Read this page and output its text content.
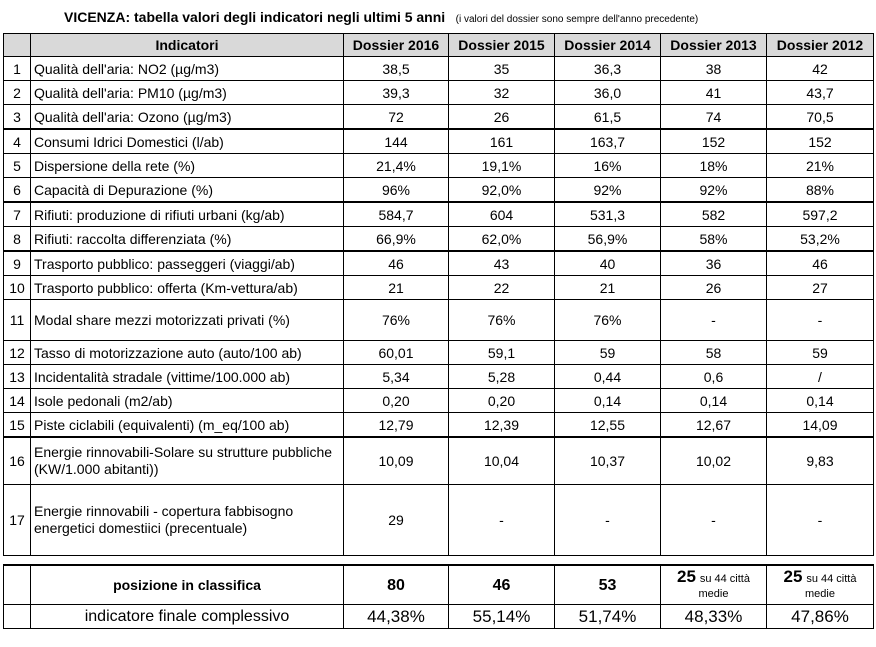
VICENZA: tabella valori degli indicatori negli ultimi 5 anni (i valori del dossier sono sempre dell'anno precedente)
	Indicatori	Dossier 2016	Dossier 2015	Dossier 2014	Dossier 2013	Dossier 2012
1	Qualità dell'aria: NO2 (µg/m3)	38,5	35	36,3	38	42
2	Qualità dell'aria: PM10 (µg/m3)	39,3	32	36,0	41	43,7
3	Qualità dell'aria: Ozono (µg/m3)	72	26	61,5	74	70,5
4	Consumi Idrici Domestici (l/ab)	144	161	163,7	152	152
5	Dispersione della rete (%)	21,4%	19,1%	16%	18%	21%
6	Capacità di Depurazione (%)	96%	92,0%	92%	92%	88%
7	Rifiuti: produzione di rifiuti urbani (kg/ab)	584,7	604	531,3	582	597,2
8	Rifiuti: raccolta differenziata (%)	66,9%	62,0%	56,9%	58%	53,2%
9	Trasporto pubblico: passeggeri (viaggi/ab)	46	43	40	36	46
10	Trasporto pubblico: offerta (Km-vettura/ab)	21	22	21	26	27
11	Modal share mezzi motorizzati privati (%)	76%	76%	76%	-	-
12	Tasso di motorizzazione auto (auto/100 ab)	60,01	59,1	59	58	59
13	Incidentalità stradale (vittime/100.000 ab)	5,34	5,28	0,44	0,6	/
14	Isole pedonali (m2/ab)	0,20	0,20	0,14	0,14	0,14
15	Piste ciclabili (equivalenti) (m_eq/100 ab)	12,79	12,39	12,55	12,67	14,09
16	Energie rinnovabili-Solare su strutture pubbliche (KW/1.000 abitanti))	10,09	10,04	10,37	10,02	9,83
17	Energie rinnovabili - copertura fabbisogno energetici domestiici (precentuale)	29	-	-	-	-

	posizione in classifica	80	46	53	25 su 44 città medie	25 su 44 città medie
	indicatore finale complessivo	44,38%	55,14%	51,74%	48,33%	47,86%
